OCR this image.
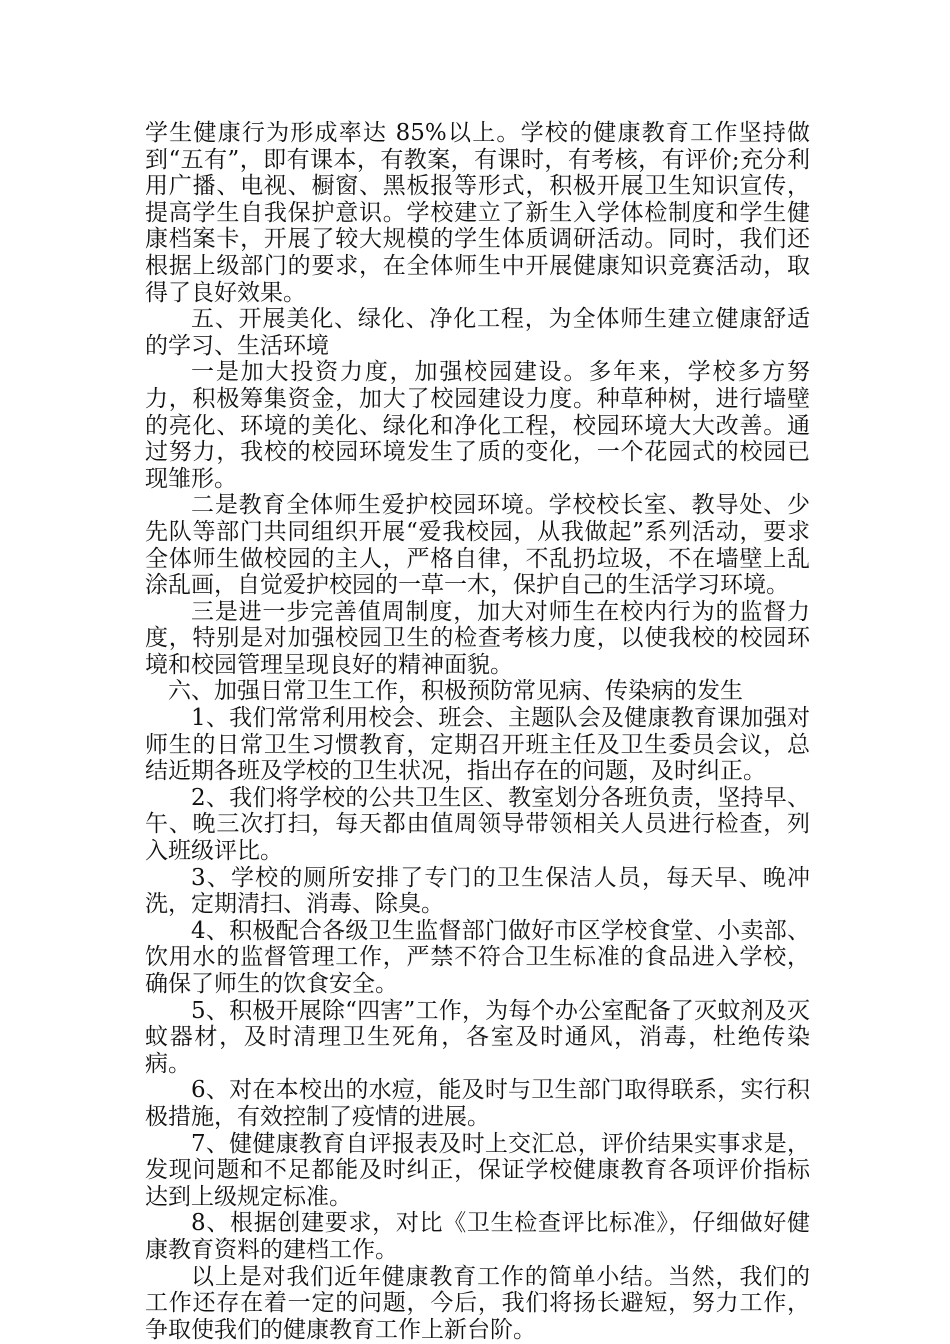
学生健康行为形成率达 85%以上。学校的健康教育工作坚持做到“五有”，即有课本，有教案，有课时，有考核，有评价;充分利用广播、电视、橱窗、黑板报等形式，积极开展卫生知识宣传，提高学生自我保护意识。学校建立了新生入学体检制度和学生健康档案卡，开展了较大规模的学生体质调研活动。同时，我们还根据上级部门的要求，在全体师生中开展健康知识竞赛活动，取得了良好效果。

五、开展美化、绿化、净化工程，为全体师生建立健康舒适的学习、生活环境

一是加大投资力度，加强校园建设。多年来，学校多方努力，积极筹集资金，加大了校园建设力度。种草种树，进行墙壁的亮化、环境的美化、绿化和净化工程，校园环境大大改善。通过努力，我校的校园环境发生了质的变化，一个花园式的校园已现雏形。

二是教育全体师生爱护校园环境。学校校长室、教导处、少先队等部门共同组织开展“爱我校园，从我做起”系列活动，要求全体师生做校园的主人，严格自律，不乱扔垃圾，不在墙壁上乱涂乱画，自觉爱护校园的一草一木，保护自己的生活学习环境。

三是进一步完善值周制度，加大对师生在校内行为的监督力度，特别是对加强校园卫生的检查考核力度，以使我校的校园环境和校园管理呈现良好的精神面貌。

六、加强日常卫生工作，积极预防常见病、传染病的发生

1、我们常常利用校会、班会、主题队会及健康教育课加强对师生的日常卫生习惯教育，定期召开班主任及卫生委员会议，总结近期各班及学校的卫生状况，指出存在的问题，及时纠正。

2、我们将学校的公共卫生区、教室划分各班负责，坚持早、午、晚三次打扫，每天都由值周领导带领相关人员进行检查，列入班级评比。

3、学校的厕所安排了专门的卫生保洁人员，每天早、晚冲洗，定期清扫、消毒、除臭。

4、积极配合各级卫生监督部门做好市区学校食堂、小卖部、饮用水的监督管理工作，严禁不符合卫生标准的食品进入学校，确保了师生的饮食安全。

5、积极开展除“四害”工作，为每个办公室配备了灭蚊剂及灭蚊器材，及时清理卫生死角，各室及时通风，消毒，杜绝传染病。

6、对在本校出的水痘，能及时与卫生部门取得联系，实行积极措施，有效控制了疫情的进展。

7、健健康教育自评报表及时上交汇总，评价结果实事求是，发现问题和不足都能及时纠正，保证学校健康教育各项评价指标达到上级规定标准。

8、根据创建要求，对比《卫生检查评比标准》，仔细做好健康教育资料的建档工作。

以上是对我们近年健康教育工作的简单小结。当然，我们的工作还存在着一定的问题，今后，我们将扬长避短，努力工作，争取使我们的健康教育工作上新台阶。
